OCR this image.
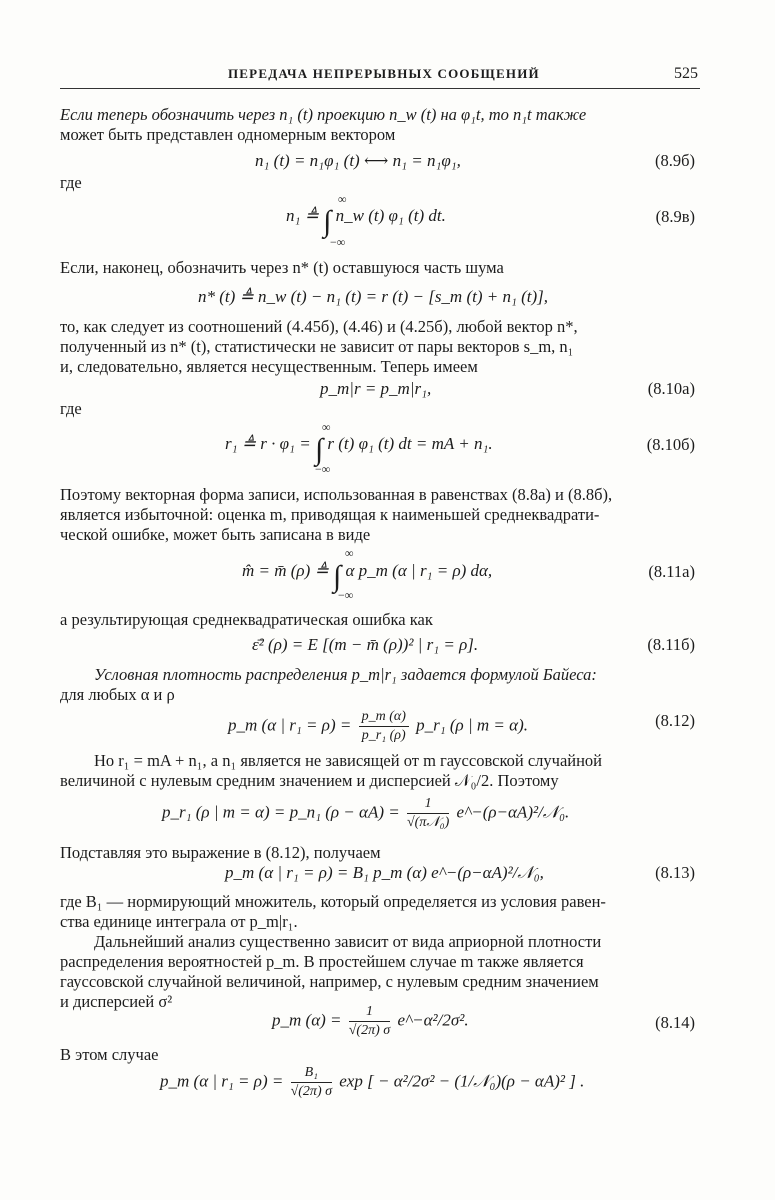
ПЕРЕДАЧА НЕПРЕРЫВНЫХ СООБЩЕНИЙ	525
Если теперь обозначить через n₁ (t) проекцию n_w (t) на φ₁t, то n₁t также
может быть представлен одномерным вектором
n₁ (t) = n₁φ₁ (t) ⟷ n₁ = n₁φ₁,	(8.9б)
где
n₁ ≜ ∫ n_w (t) φ₁ (t) dt.
∞
−∞
(8.9в)
Если, наконец, обозначить через n* (t) оставшуюся часть шума
n* (t) ≜ n_w (t) − n₁ (t) = r (t) − [s_m (t) + n₁ (t)],
то, как следует из соотношений (4.45б), (4.46) и (4.25б), любой вектор n*,
полученный из n* (t), статистически не зависит от пары векторов s_m, n₁
и, следовательно, является несущественным. Теперь имеем
p_m|r = p_m|r₁,	(8.10а)
где
r₁ ≜ r · φ₁ = ∫ r (t) φ₁ (t) dt = mA + n₁.
∞
−∞
(8.10б)
Поэтому векторная форма записи, использованная в равенствах (8.8а) и (8.8б),
является избыточной: оценка m, приводящая к наименьшей среднеквадрати-
ческой ошибке, может быть записана в виде
m̂ = m̄ (ρ) ≜ ∫ α p_m (α | r₁ = ρ) dα,
∞
−∞
(8.11а)
а результирующая среднеквадратическая ошибка как
ε̄² (ρ) = E [(m − m̄ (ρ))² | r₁ = ρ].	(8.11б)
Условная плотность распределения p_m|r₁ задается формулой Байеса:
для любых α и ρ
p_m (α | $r_1 = \rho) = \frac{p\_m (\alpha)}{\text{p\_r₁ (ρ)}}$ p_r₁ (ρ | m = α).	(8.12)
Но r₁ = mA + n₁, а n₁ является не зависящей от m гауссовской случайной
величиной с нулевым средним значением и дисперсией 𝒩₀/2. Поэтому
p_r₁ (ρ | m = α) = p_n₁ $(\rho - \alpha A) = \frac{1}{\text{√(π𝒩₀)}}$ e^−(ρ−αA)²/𝒩₀.
Подставляя это выражение в (8.12), получаем
p_m (α | r₁ = ρ) = B₁ p_m (α) e^−(ρ−αA)²/𝒩₀,	(8.13)
где B₁ — нормирующий множитель, который определяется из условия равен-
ства единице интеграла от p_m|r₁.
Дальнейший анализ существенно зависит от вида априорной плотности
распределения вероятностей p_m. В простейшем случае m также является
гауссовской случайной величиной, например, с нулевым средним значением
и дисперсией σ²
p_m $(\alpha) = \frac{1}{√(2\pi) \sigma}$ e^−α²/2σ².	(8.14)
В этом случае
p_m (α | $r_1 = \rho) = \frac{\text{B₁}}{√(2\pi) \sigma}$ exp [ − α²/2σ² − (1/𝒩₀)(ρ − αA)² ] .
